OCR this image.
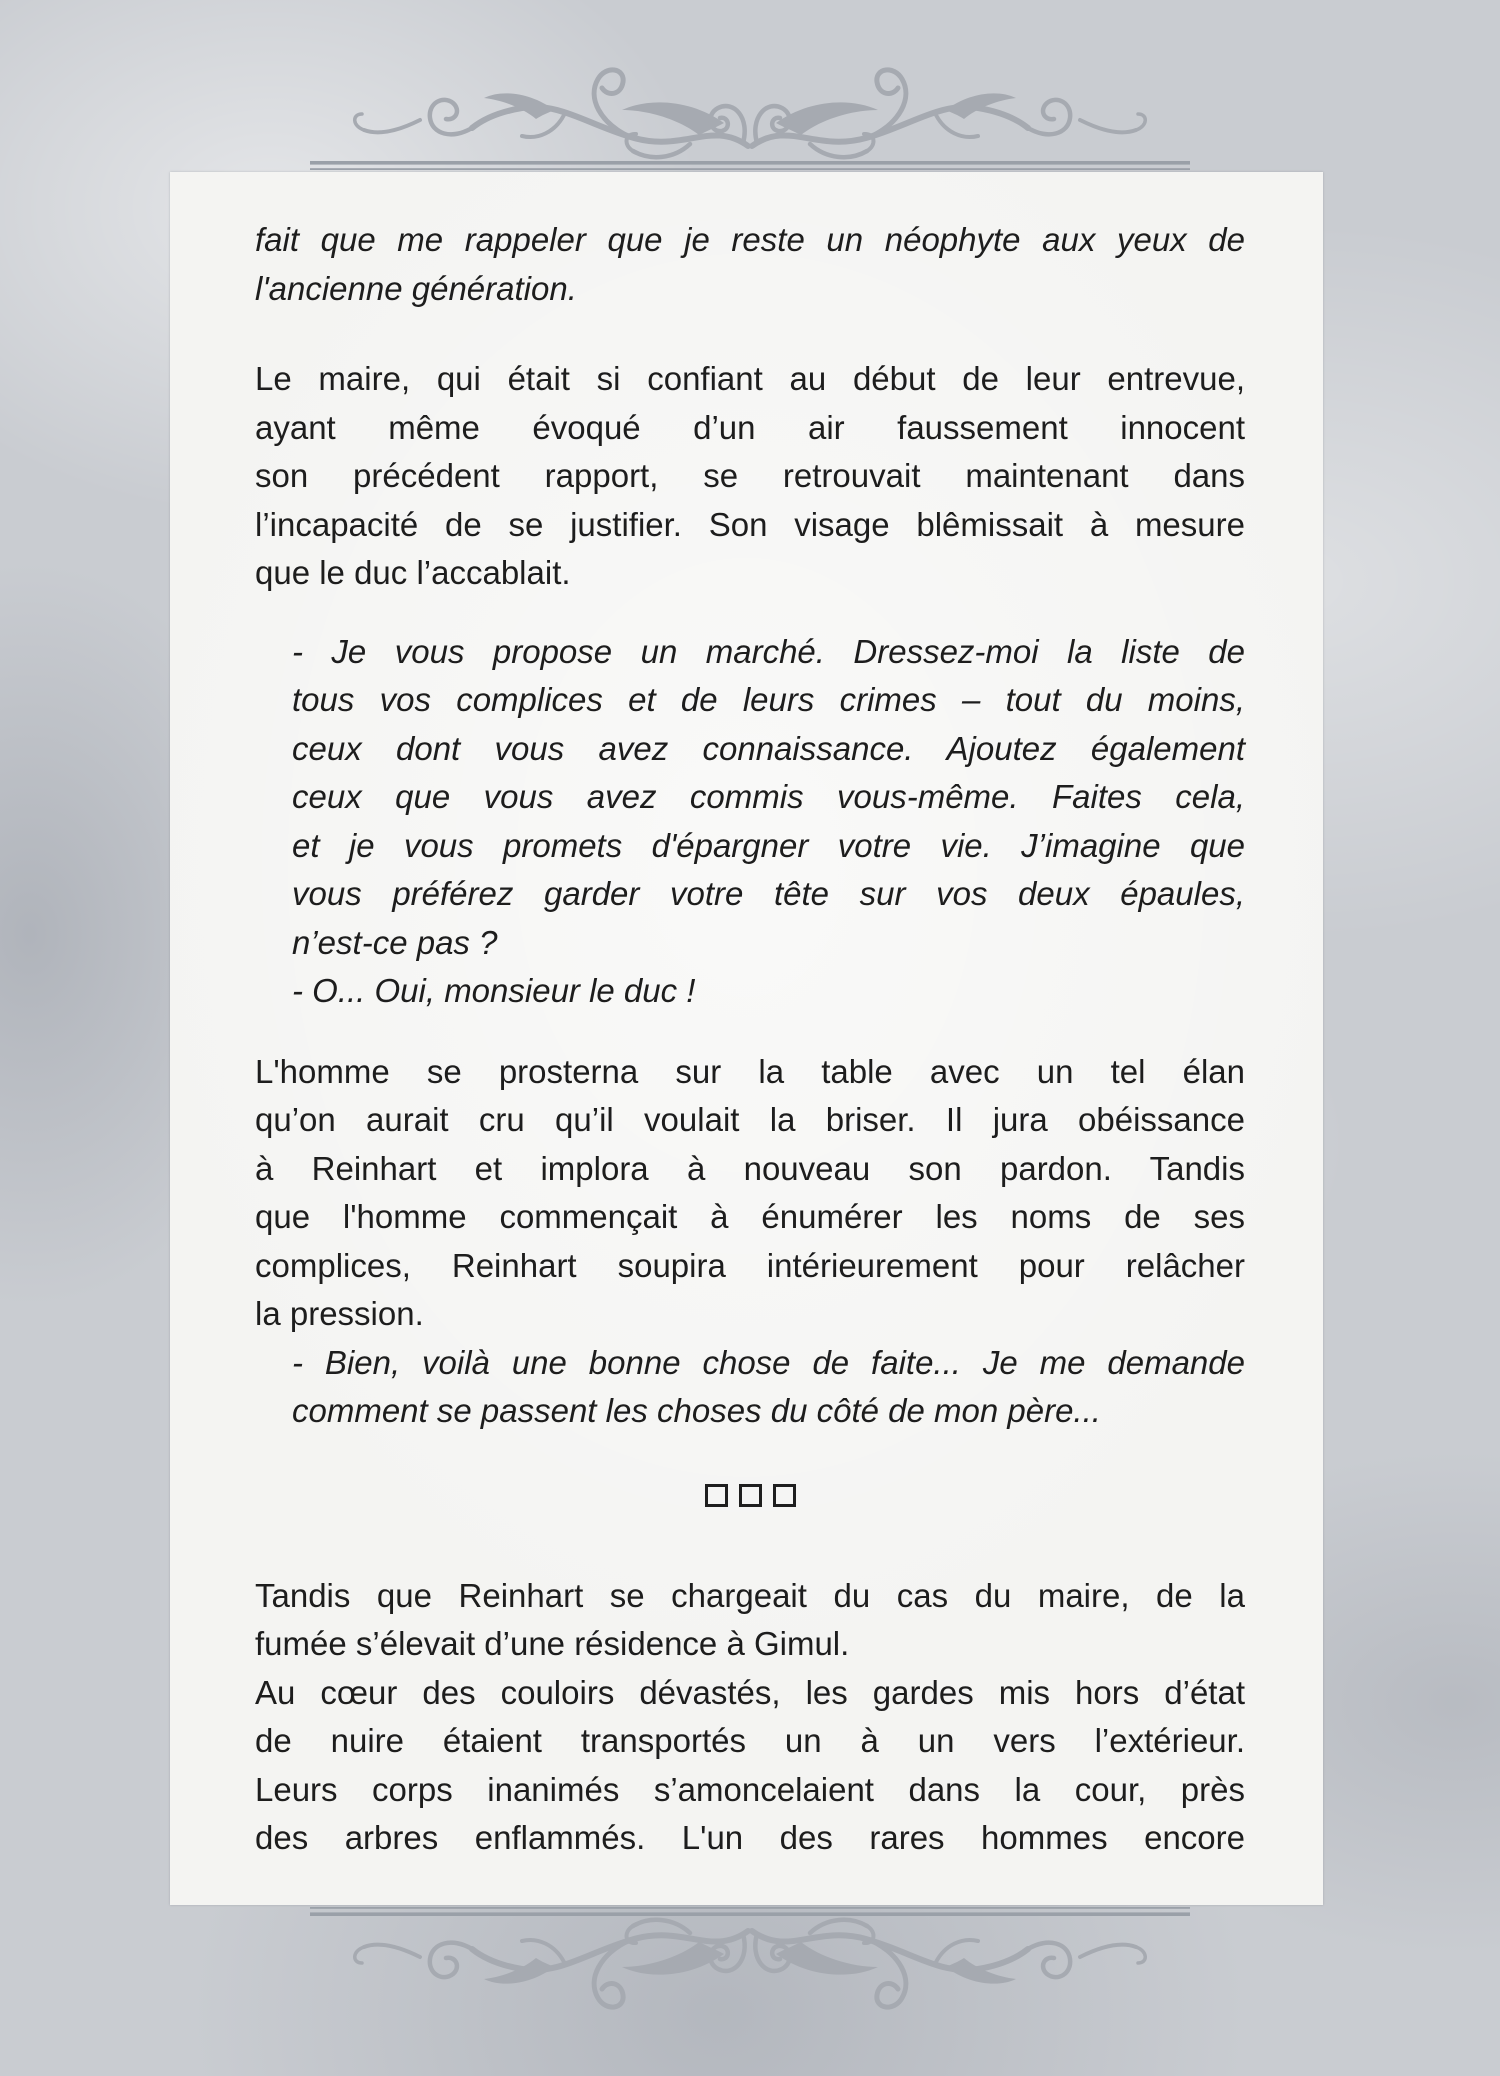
fait que me rappeler que je reste un néophyte aux yeux de
l'ancienne génération.
Le maire, qui était si confiant au début de leur entrevue,
ayant même évoqué d’un air faussement innocent
son précédent rapport, se retrouvait maintenant dans
l’incapacité de se justifier. Son visage blêmissait à mesure
que le duc l’accablait.
- Je vous propose un marché. Dressez-moi la liste de
tous vos complices et de leurs crimes – tout du moins,
ceux dont vous avez connaissance. Ajoutez également
ceux que vous avez commis vous-même. Faites cela,
et je vous promets d'épargner votre vie. J’imagine que
vous préférez garder votre tête sur vos deux épaules,
n’est-ce pas ?
- O... Oui, monsieur le duc !
L'homme se prosterna sur la table avec un tel élan
qu’on aurait cru qu’il voulait la briser. Il jura obéissance
à Reinhart et implora à nouveau son pardon. Tandis
que l'homme commençait à énumérer les noms de ses
complices, Reinhart soupira intérieurement pour relâcher
la pression.
- Bien, voilà une bonne chose de faite... Je me demande
comment se passent les choses du côté de mon père...
Tandis que Reinhart se chargeait du cas du maire, de la
fumée s’élevait d’une résidence à Gimul.
Au cœur des couloirs dévastés, les gardes mis hors d’état
de nuire étaient transportés un à un vers l’extérieur.
Leurs corps inanimés s’amoncelaient dans la cour, près
des arbres enflammés. L'un des rares hommes encore
